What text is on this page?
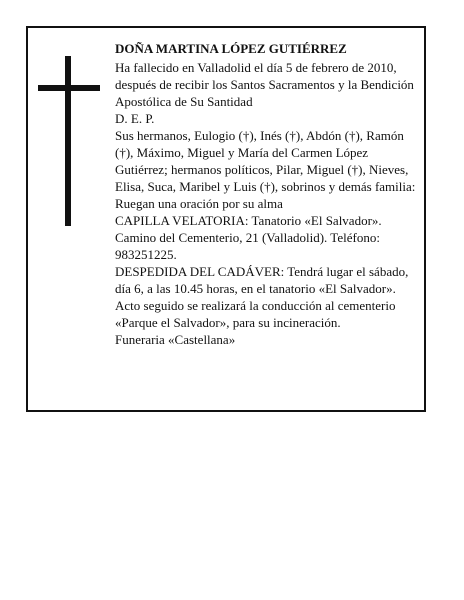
DOÑA MARTINA LÓPEZ GUTIÉRREZ

Ha fallecido en Valladolid el día 5 de febrero de 2010, después de recibir los Santos Sacramentos y la Bendición Apostólica de Su Santidad

D. E. P.

Sus hermanos, Eulogio (†), Inés (†), Abdón (†), Ramón (†), Máximo, Miguel y María del Carmen López Gutiérrez; hermanos políticos, Pilar, Miguel (†), Nieves, Elisa, Suca, Maribel y Luis (†), sobrinos y demás familia:

Ruegan una oración por su alma

CAPILLA VELATORIA: Tanatorio «El Salvador». Camino del Cementerio, 21 (Valladolid). Teléfono: 983251225.

DESPEDIDA DEL CADÁVER: Tendrá lugar el sábado, día 6, a las 10.45 horas, en el tanatorio «El Salvador». Acto seguido se realizará la conducción al cementerio «Parque el Salvador», para su incineración.

Funeraria «Castellana»
